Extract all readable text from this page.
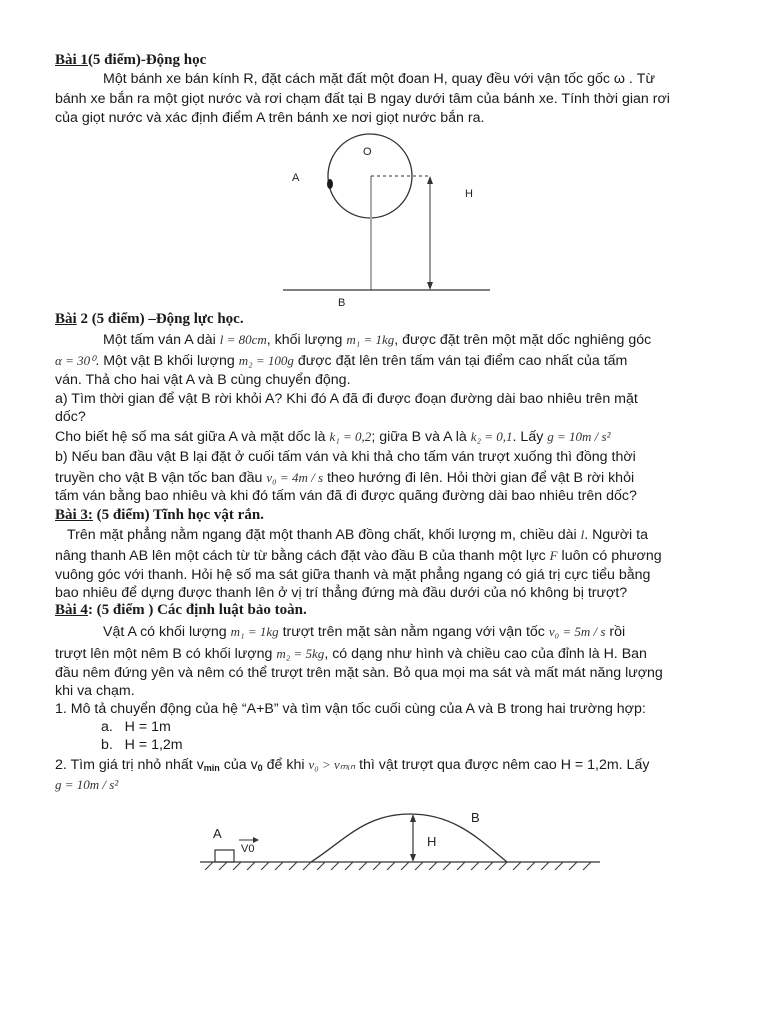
Bài 1(5 điểm)-Động học
Một bánh xe bán kính R, đặt cách mặt đất một đoan H, quay đều với vận tốc gốc ω . Từ
bánh xe bắn ra một giọt nước và rơi chạm đất tại B ngay dưới tâm của bánh xe. Tính thời gian rơi
của giọt nước và xác định điểm A trên bánh xe nơi giọt nước bắn ra.
O
A
H
B
Bài 2 (5 điểm) –Động lực học.
Một tấm ván A dài l = 80cm, khối lượng m₁ = 1kg, được đặt trên một mặt dốc nghiêng góc
α = 30⁰. Một vật B khối lượng m₂ = 100g được đặt lên trên tấm ván tại điểm cao nhất của tấm
ván. Thả cho hai vật A và B cùng chuyển động.
a) Tìm thời gian để vật B rời khỏi A? Khi đó A đã đi được đoạn đường dài bao nhiêu trên mặt
dốc?
Cho biết hệ số ma sát giữa A và mặt dốc là k₁ = 0,2; giữa B và A là k₂ = 0,1. Lấy g = 10m / s²
b) Nếu ban đầu vật B lại đặt ở cuối tấm ván và khi thả cho tấm ván trượt xuống thì đồng thời
truyền cho vật B vận tốc ban đầu v₀ = 4m / s theo hướng đi lên. Hỏi thời gian để vật B rời khỏi
tấm ván bằng bao nhiêu và khi đó tấm ván đã đi được quãng đường dài bao nhiêu trên dốc?
Bài 3: (5 điểm) Tĩnh học vật rắn.
Trên mặt phẳng nằm ngang đặt một thanh AB đồng chất, khối lượng m, chiều dài l. Người ta
nâng thanh AB lên một cách từ từ bằng cách đặt vào đầu B của thanh một lực F luôn có phương
vuông góc với thanh. Hỏi hệ số ma sát giữa thanh và mặt phẳng ngang có giá trị cực tiểu bằng
bao nhiêu để dựng được thanh lên ở vị trí thẳng đứng mà đầu dưới của nó không bị trượt?
Bài 4: (5 điểm ) Các định luật bảo toàn.
Vật A có khối lượng m₁ = 1kg trượt trên mặt sàn nằm ngang với vận tốc v₀ = 5m / s rồi
trượt lên một nêm B có khối lượng m₂ = 5kg, có dạng như hình và chiều cao của đỉnh là H. Ban
đầu nêm đứng yên và nêm có thể trượt trên mặt sàn. Bỏ qua mọi ma sát và mất mát năng lượng
khi va chạm.
1. Mô tả chuyển động của hệ “A+B” và tìm vận tốc cuối cùng của A và B trong hai trường hợp:
a. H = 1m
b. H = 1,2m
2. Tìm giá trị nhỏ nhất $v_{min}$ của $v_0$ để khi v₀ > vₘᵢₙ thì vật trượt qua được nêm cao H = 1,2m. Lấy
g = 10m / s²
A
V0
B
H
